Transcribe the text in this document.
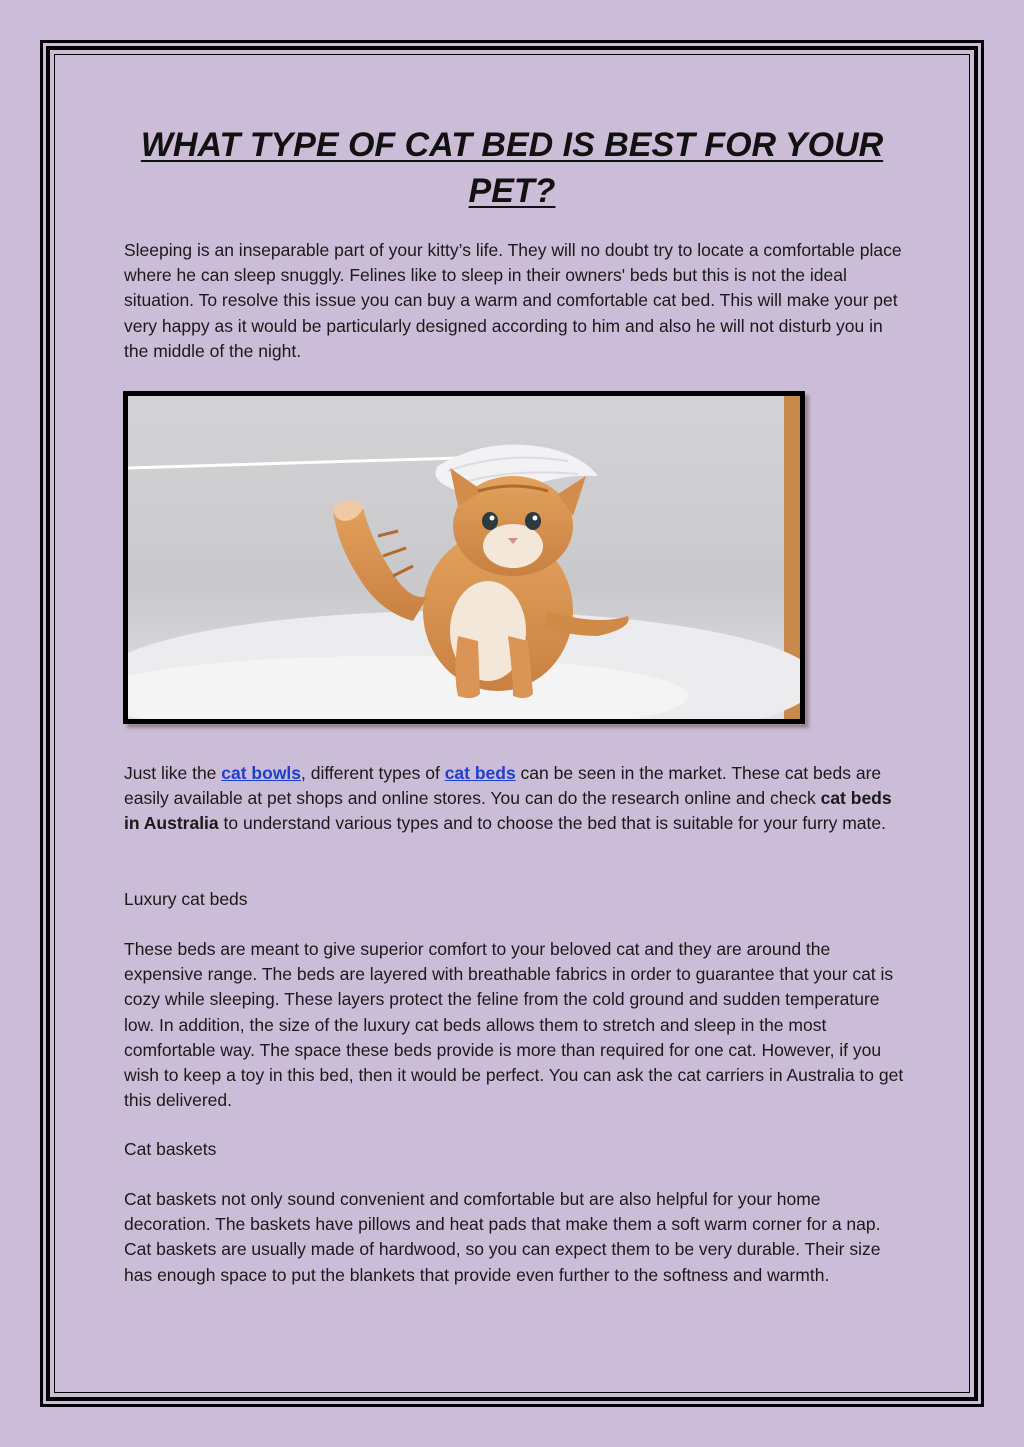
WHAT TYPE OF CAT BED IS BEST FOR YOUR PET?

Sleeping is an inseparable part of your kitty’s life. They will no doubt try to locate a comfortable place where he can sleep snuggly. Felines like to sleep in their owners' beds but this is not the ideal situation. To resolve this issue you can buy a warm and comfortable cat bed. This will make your pet very happy as it would be particularly designed according to him and also he will not disturb you in the middle of the night.

Just like the cat bowls, different types of cat beds can be seen in the market. These cat beds are easily available at pet shops and online stores. You can do the research online and check cat beds in Australia to understand various types and to choose the bed that is suitable for your furry mate.

Luxury cat beds

These beds are meant to give superior comfort to your beloved cat and they are around the expensive range. The beds are layered with breathable fabrics in order to guarantee that your cat is cozy while sleeping. These layers protect the feline from the cold ground and sudden temperature low. In addition, the size of the luxury cat beds allows them to stretch and sleep in the most comfortable way. The space these beds provide is more than required for one cat. However, if you wish to keep a toy in this bed, then it would be perfect. You can ask the cat carriers in Australia to get this delivered.

Cat baskets

Cat baskets not only sound convenient and comfortable but are also helpful for your home decoration. The baskets have pillows and heat pads that make them a soft warm corner for a nap. Cat baskets are usually made of hardwood, so you can expect them to be very durable. Their size has enough space to put the blankets that provide even further to the softness and warmth.
